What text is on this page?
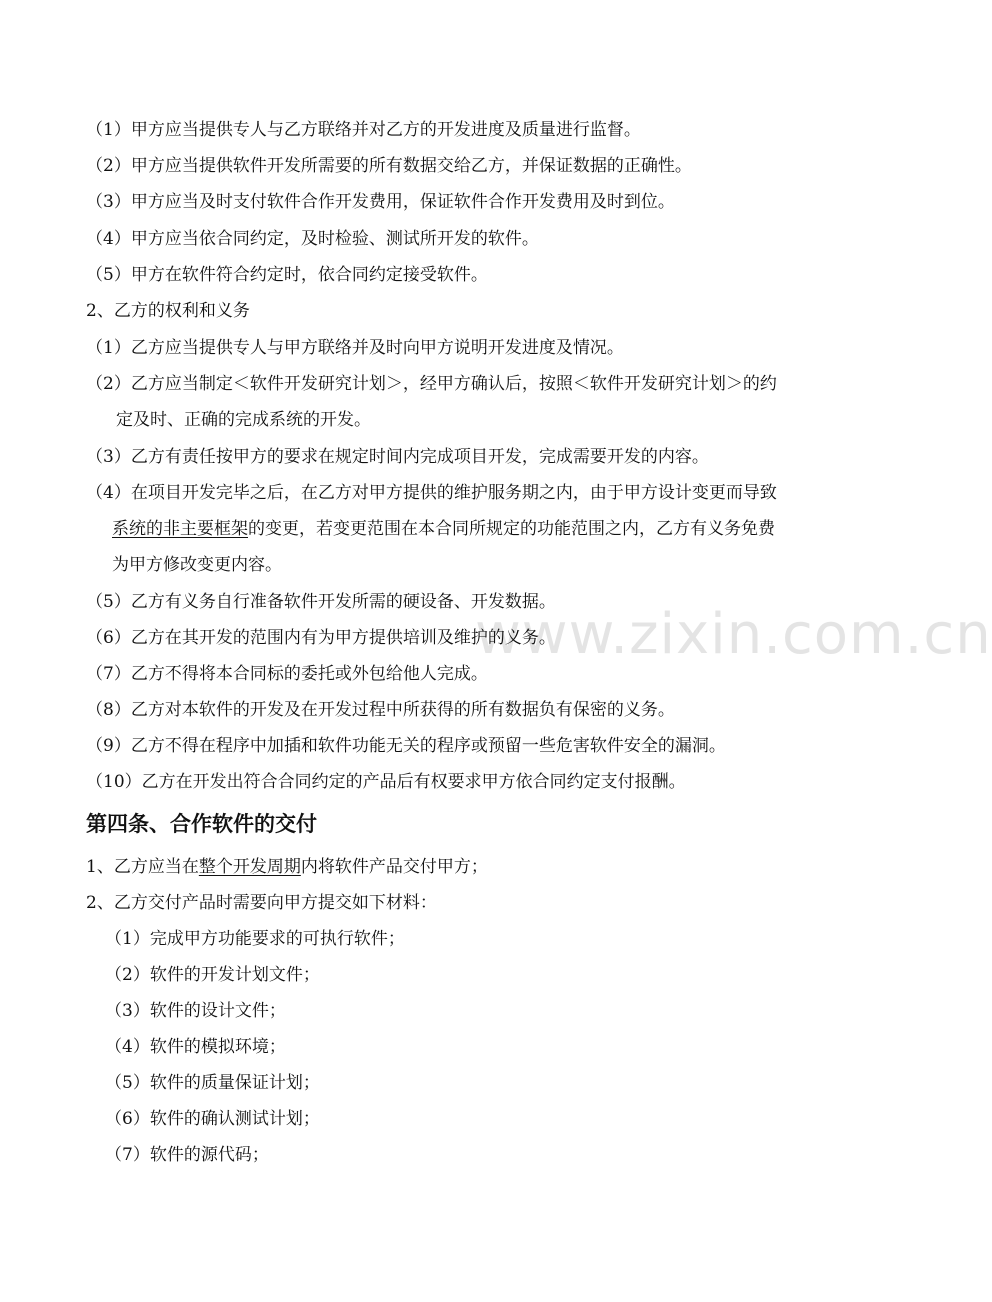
www.zixin.com.cn
（1）甲方应当提供专人与乙方联络并对乙方的开发进度及质量进行监督。
（2）甲方应当提供软件开发所需要的所有数据交给乙方，并保证数据的正确性。
（3）甲方应当及时支付软件合作开发费用，保证软件合作开发费用及时到位。
（4）甲方应当依合同约定，及时检验、测试所开发的软件。
（5）甲方在软件符合约定时，依合同约定接受软件。
2、乙方的权利和义务
（1）乙方应当提供专人与甲方联络并及时向甲方说明开发进度及情况。
（2）乙方应当制定＜软件开发研究计划＞，经甲方确认后，按照＜软件开发研究计划＞的约
定及时、正确的完成系统的开发。
（3）乙方有责任按甲方的要求在规定时间内完成项目开发，完成需要开发的内容。
（4）在项目开发完毕之后，在乙方对甲方提供的维护服务期之内，由于甲方设计变更而导致
系统的非主要框架的变更，若变更范围在本合同所规定的功能范围之内，乙方有义务免费
为甲方修改变更内容。
（5）乙方有义务自行准备软件开发所需的硬设备、开发数据。
（6）乙方在其开发的范围内有为甲方提供培训及维护的义务。
（7）乙方不得将本合同标的委托或外包给他人完成。
（8）乙方对本软件的开发及在开发过程中所获得的所有数据负有保密的义务。
（9）乙方不得在程序中加插和软件功能无关的程序或预留一些危害软件安全的漏洞。
（10）乙方在开发出符合合同约定的产品后有权要求甲方依合同约定支付报酬。
第四条、合作软件的交付
1、乙方应当在整个开发周期内将软件产品交付甲方；
2、乙方交付产品时需要向甲方提交如下材料：
（1）完成甲方功能要求的可执行软件；
（2）软件的开发计划文件；
（3）软件的设计文件；
（4）软件的模拟环境；
（5）软件的质量保证计划；
（6）软件的确认测试计划；
（7）软件的源代码；
